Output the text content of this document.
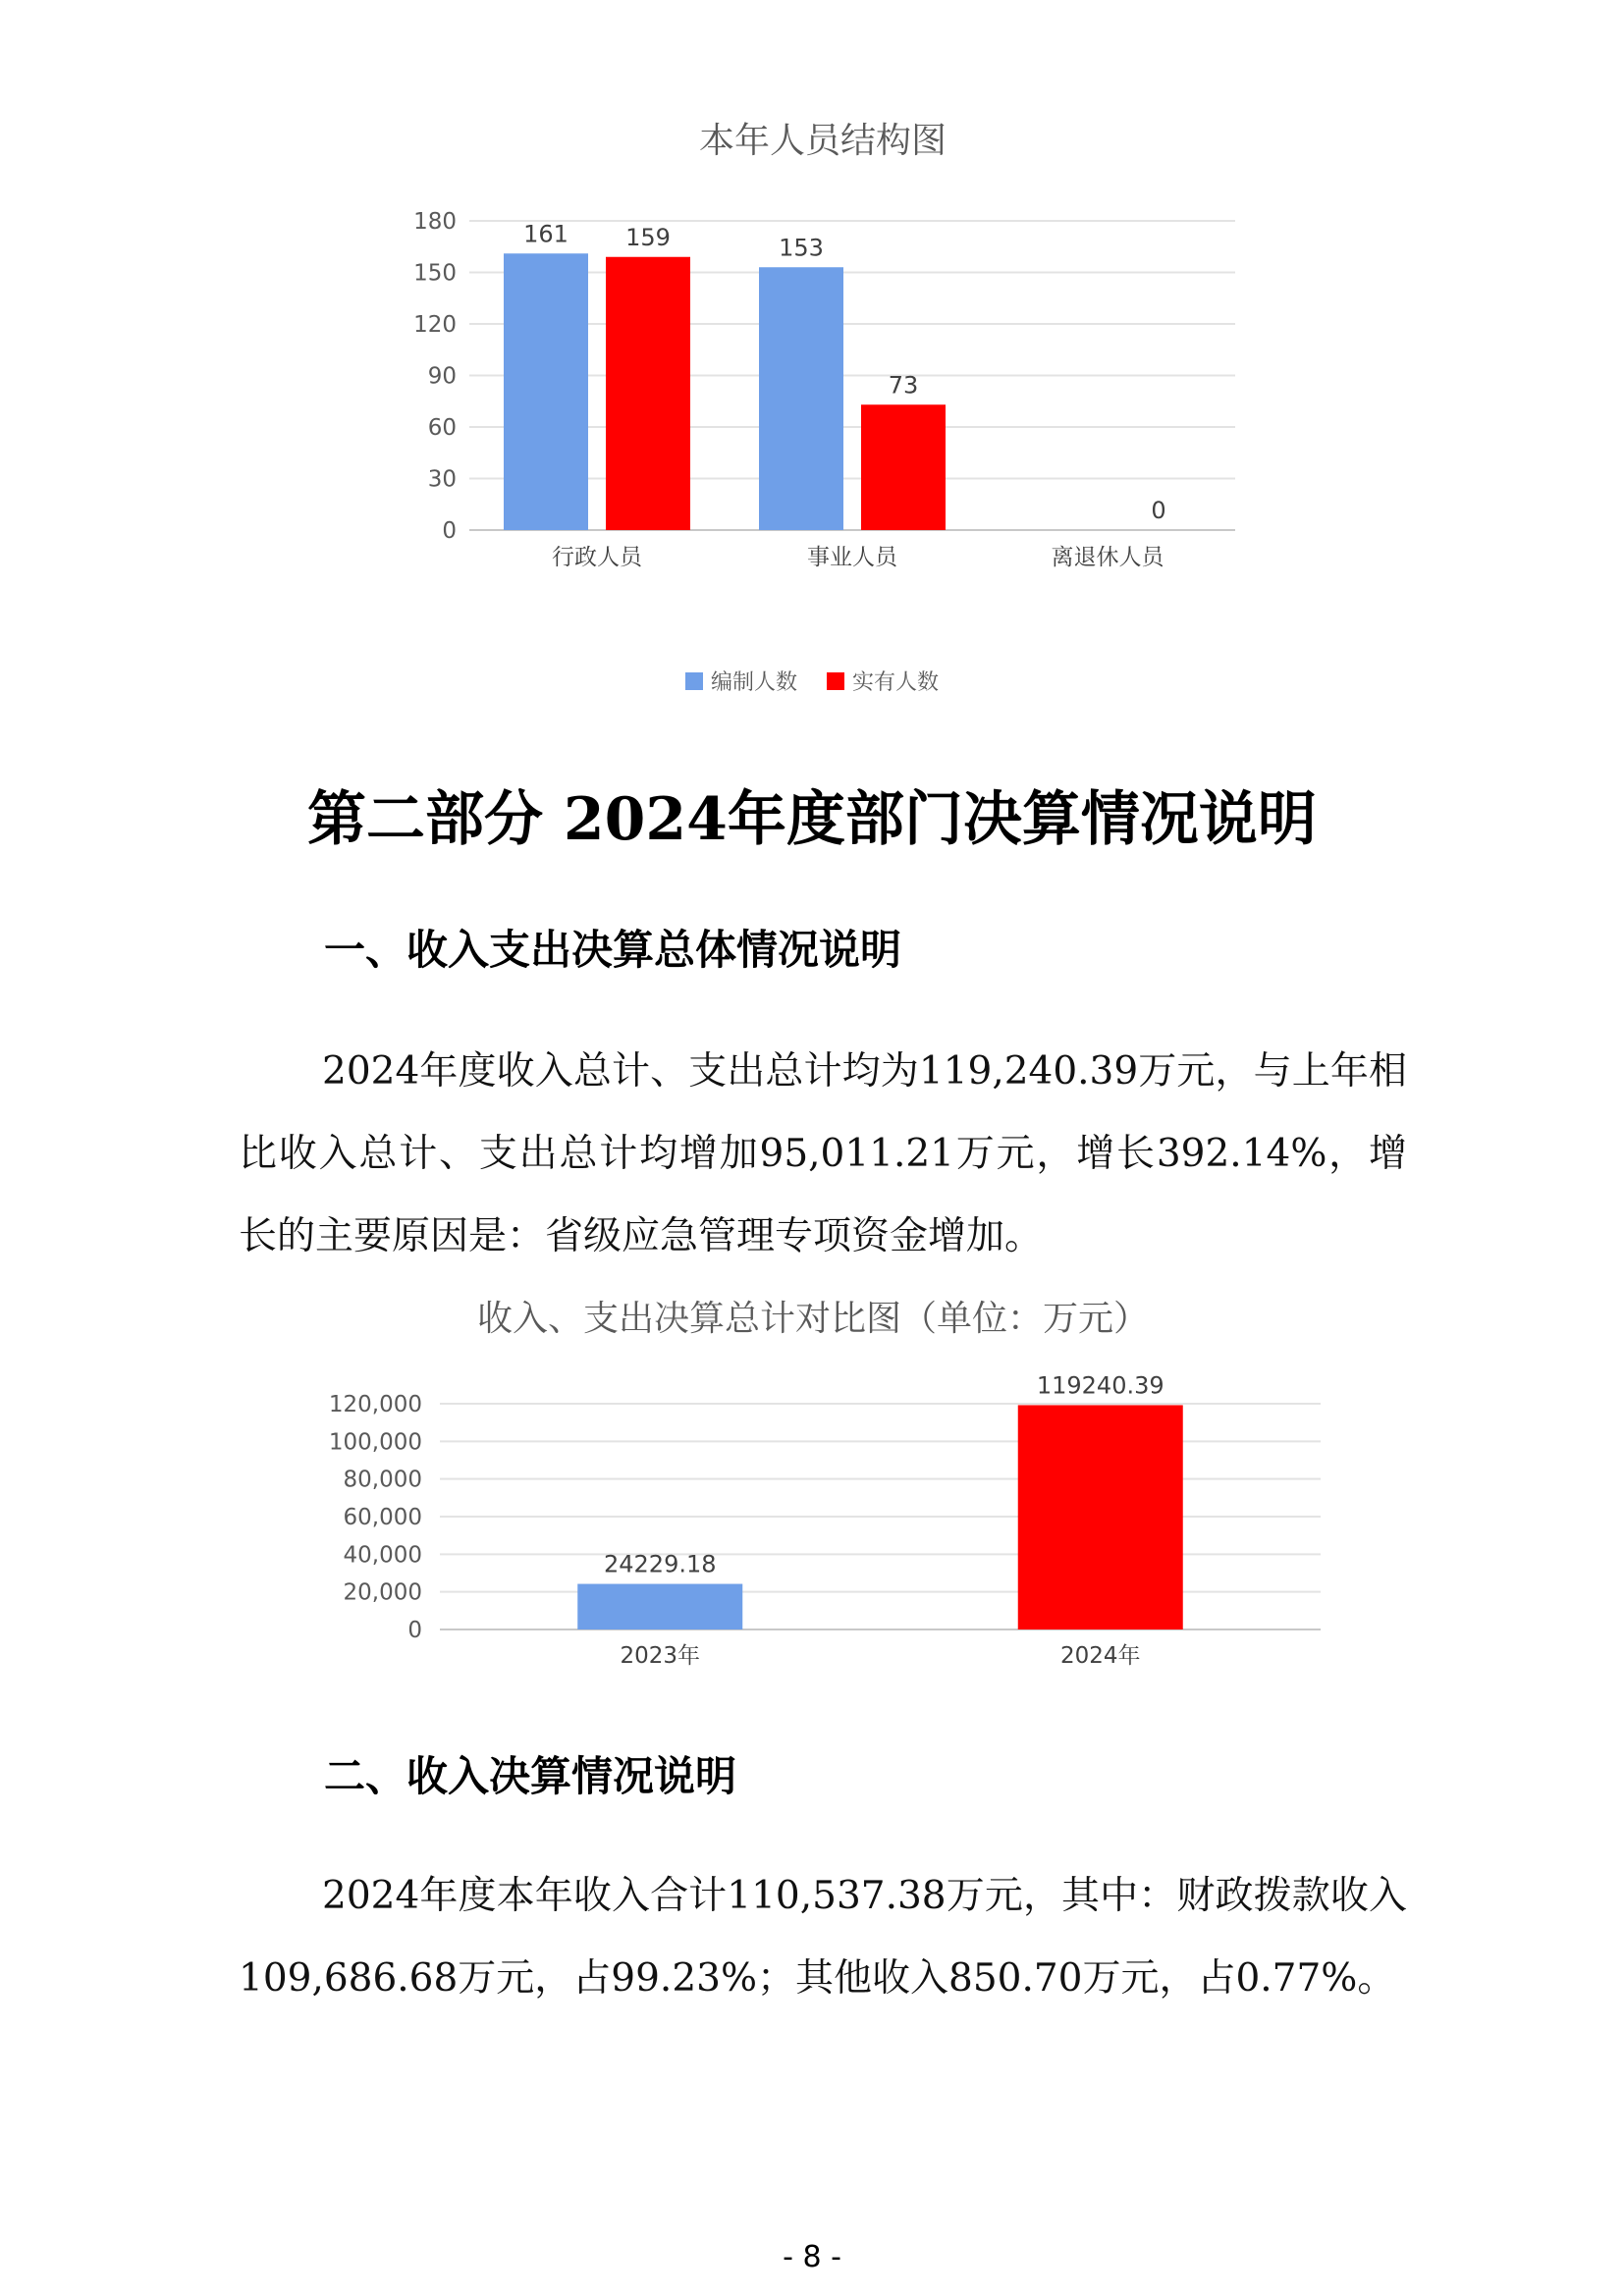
本年人员结构图
0
30
60
90
120
150
180	161 159
行政人员
153
73
事业人员
0
离退休人员
编制人数	实有人数
第二部分 2024年度部门决算情况说明
一、收入支出决算总体情况说明

2024年度收入总计、支出总计均为119,240.39万元，与上年相比收入总计、支出总计均增加95,011.21万元，增长392.14%，增长的主要原因是：省级应急管理专项资金增加。

收入、支出决算总计对比图（单位：万元）
0
20,000
40,000
60,000
80,000
100,000
120,000
24229.18
2023年
119240.39
2024年
二、收入决算情况说明

2024年度本年收入合计110,537.38万元，其中：财政拨款收入109,686.68万元，占99.23%；其他收入850.70万元，占0.77%。

- 8 -
